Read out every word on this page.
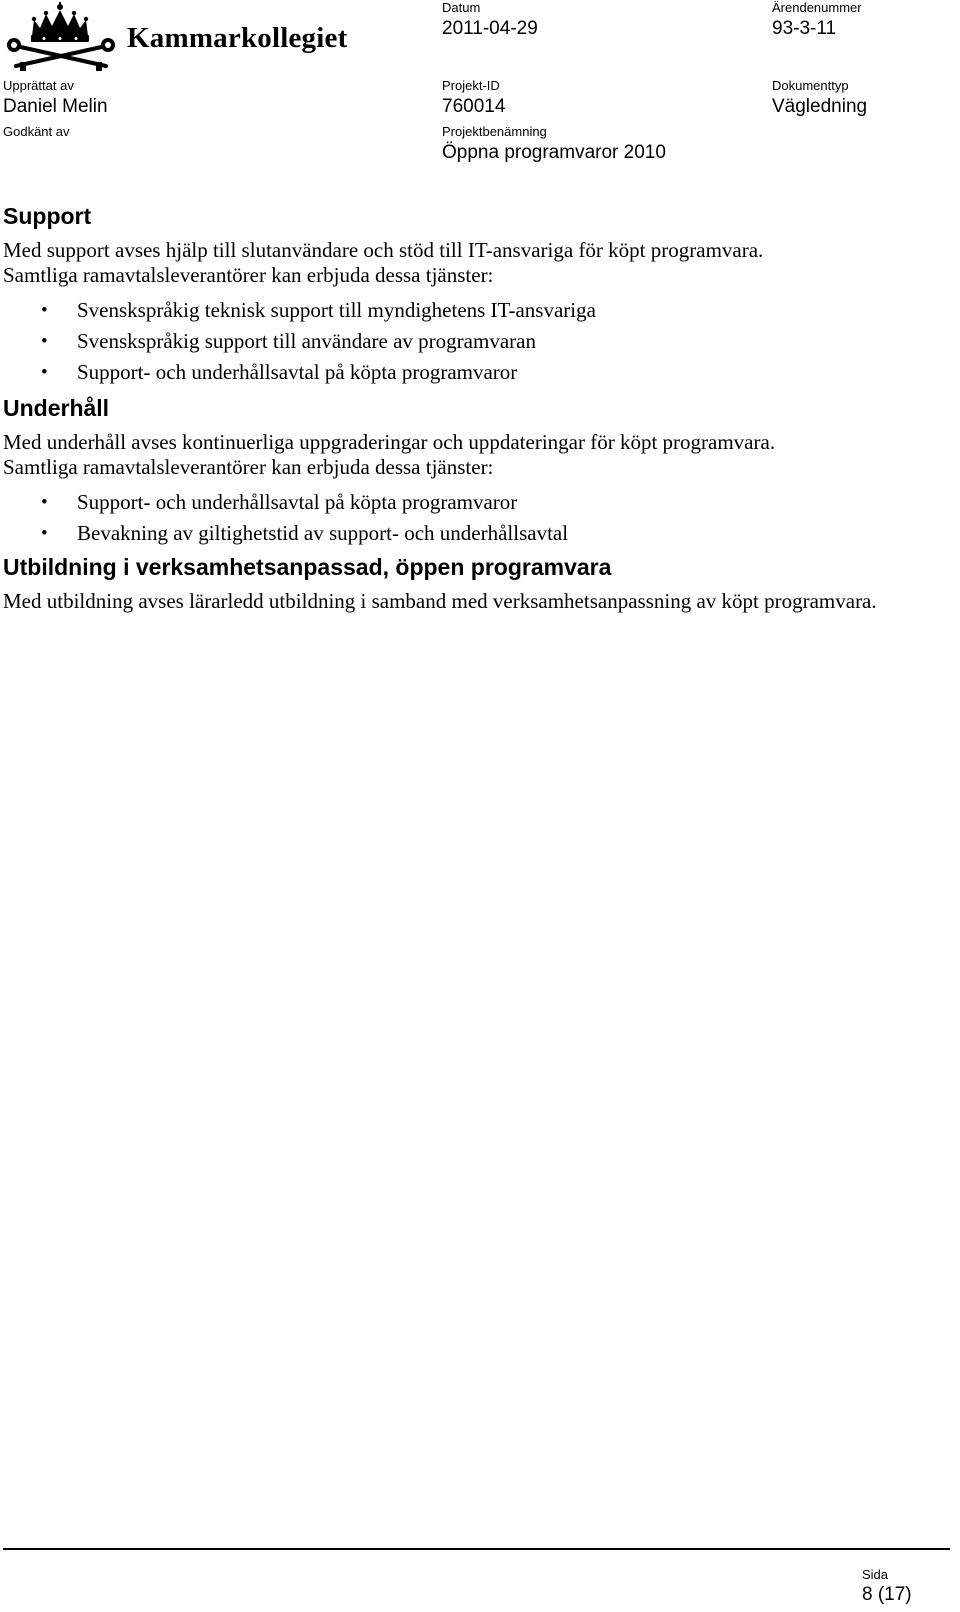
Kammarkollegiet
Datum
2011-04-29
Ärendenummer
93-3-11
Upprättat av
Daniel Melin
Projekt-ID
760014
Dokumenttyp
Vägledning
Godkänt av	Projektbenämning
Öppna programvaror 2010
Support

Med support avses hjälp till slutanvändare och stöd till IT-ansvariga för köpt programvara.

Samtliga ramavtalsleverantörer kan erbjuda dessa tjänster:

• Svenskspråkig teknisk support till myndighetens IT-ansvariga
• Svenskspråkig support till användare av programvaran
• Support- och underhållsavtal på köpta programvaror
Underhåll

Med underhåll avses kontinuerliga uppgraderingar och uppdateringar för köpt programvara.

Samtliga ramavtalsleverantörer kan erbjuda dessa tjänster:

• Support- och underhållsavtal på köpta programvaror
• Bevakning av giltighetstid av support- och underhållsavtal
Utbildning i verksamhetsanpassad, öppen programvara

Med utbildning avses lärarledd utbildning i samband med verksamhetsanpassning av köpt programvara.

Sida
8 (17)
